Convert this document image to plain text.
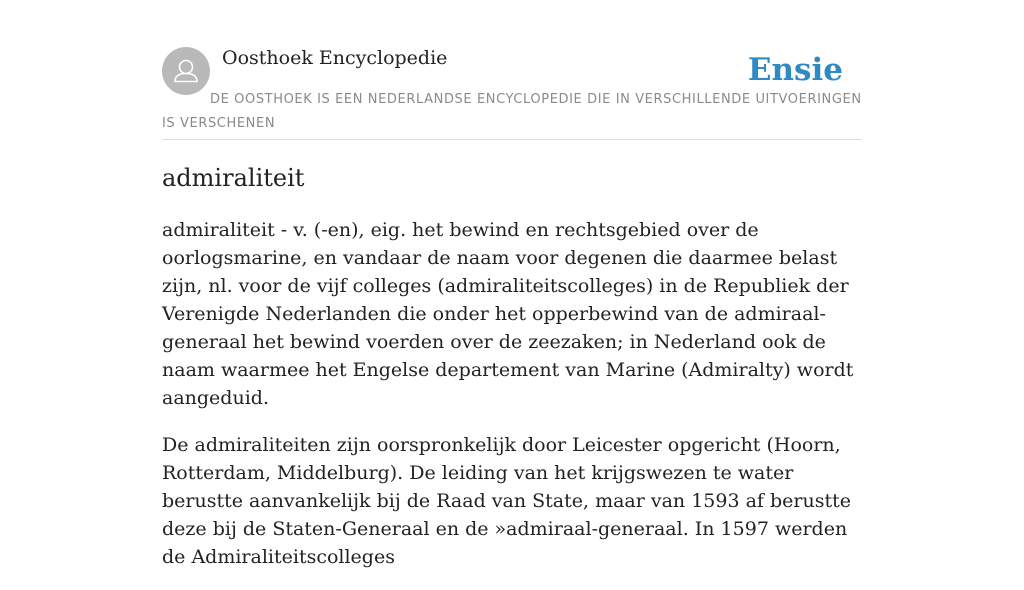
Oosthoek Encyclopedie	Ensie
DE OOSTHOEK IS EEN NEDERLANDSE ENCYCLOPEDIE DIE IN VERSCHILLENDE UITVOERINGEN IS VERSCHENEN
admiraliteit

admiraliteit - v. (-en), eig. het bewind en rechtsgebied over de oorlogsmarine, en vandaar de naam voor degenen die daarmee belast zijn, nl. voor de vijf colleges (admiraliteitscolleges) in de Republiek der Verenigde Nederlanden die onder het opperbewind van de admiraal-generaal het bewind voerden over de zeezaken; in Nederland ook de naam waarmee het Engelse departement van Marine (Admiralty) wordt aangeduid.

De admiraliteiten zijn oorspronkelijk door Leicester opgericht (Hoorn, Rotterdam, Middelburg). De leiding van het krijgswezen te water berustte aanvankelijk bij de Raad van State, maar van 1593 af berustte deze bij de Staten-Generaal en de »admiraal-generaal. In 1597 werden de Admiraliteitscolleges
